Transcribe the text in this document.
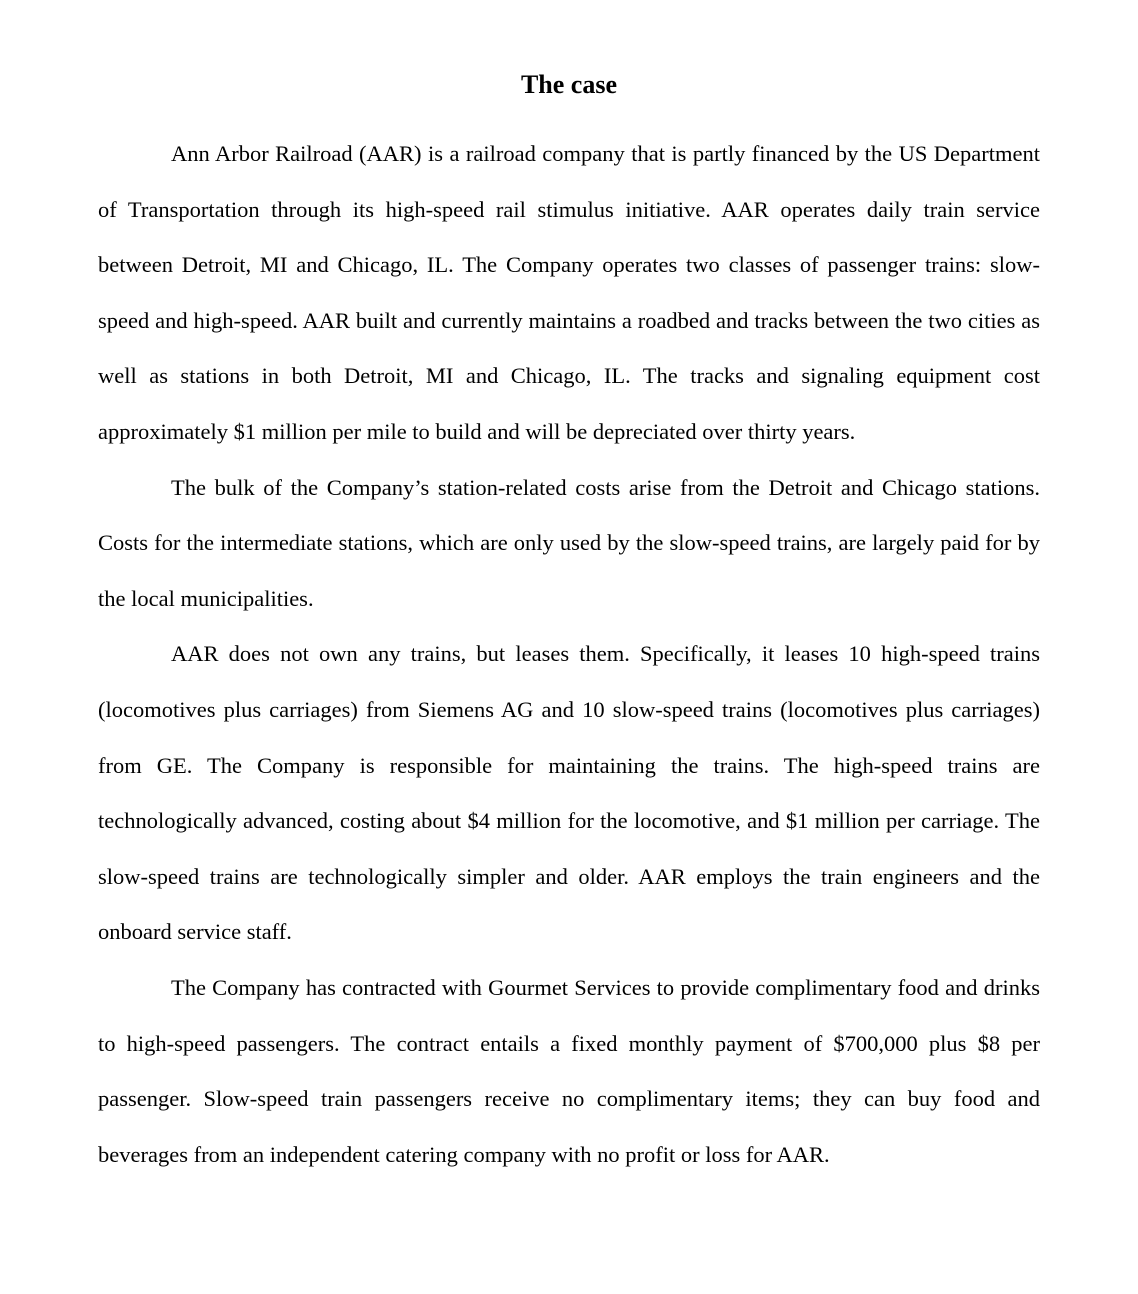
The case

Ann Arbor Railroad (AAR) is a railroad company that is partly financed by the US Department of Transportation through its high-speed rail stimulus initiative. AAR operates daily train service between Detroit, MI and Chicago, IL. The Company operates two classes of passenger trains: slow-speed and high-speed. AAR built and currently maintains a roadbed and tracks between the two cities as well as stations in both Detroit, MI and Chicago, IL. The tracks and signaling equipment cost approximately $1 million per mile to build and will be depreciated over thirty years.

The bulk of the Company’s station-related costs arise from the Detroit and Chicago stations. Costs for the intermediate stations, which are only used by the slow-speed trains, are largely paid for by the local municipalities.

AAR does not own any trains, but leases them. Specifically, it leases 10 high-speed trains (locomotives plus carriages) from Siemens AG and 10 slow-speed trains (locomotives plus carriages) from GE. The Company is responsible for maintaining the trains. The high-speed trains are technologically advanced, costing about $4 million for the locomotive, and $1 million per carriage. The slow-speed trains are technologically simpler and older. AAR employs the train engineers and the onboard service staff.

The Company has contracted with Gourmet Services to provide complimentary food and drinks to high-speed passengers. The contract entails a fixed monthly payment of $700,000 plus $8 per passenger. Slow-speed train passengers receive no complimentary items; they can buy food and beverages from an independent catering company with no profit or loss for AAR.
